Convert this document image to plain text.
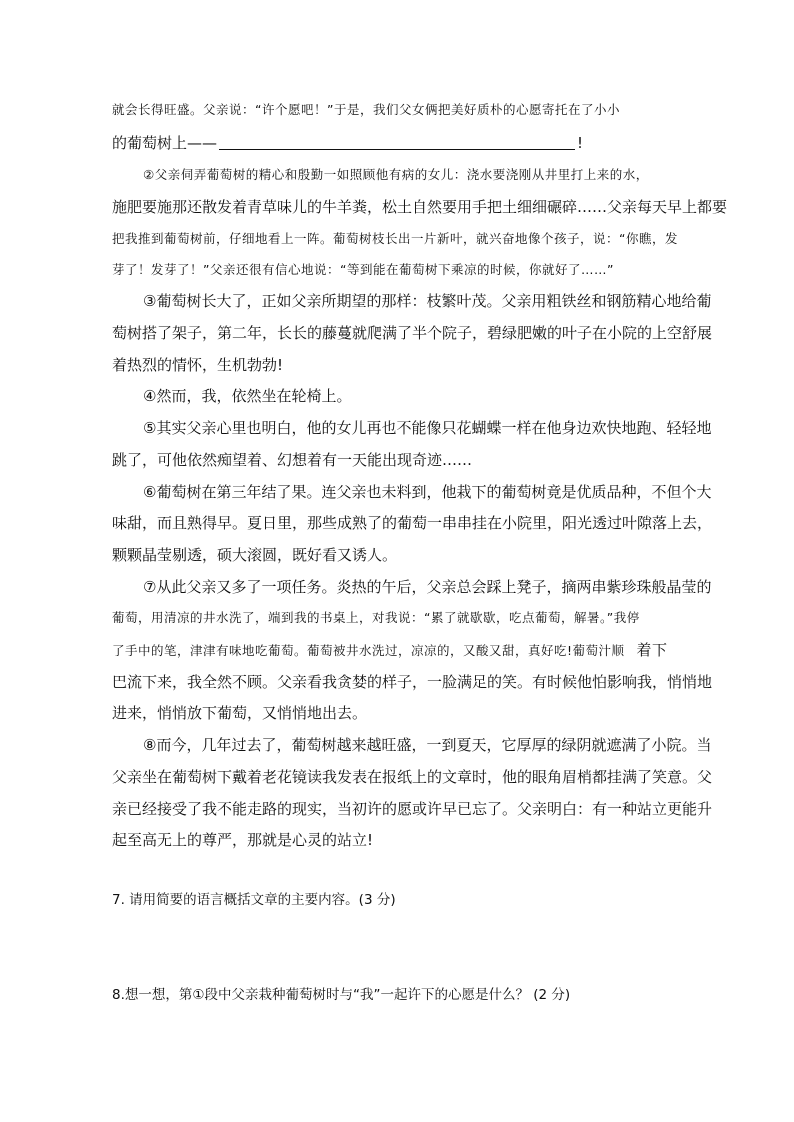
就会长得旺盛。父亲说：“许个愿吧！”于是，我们父女俩把美好质朴的心愿寄托在了小小
的葡萄树上——	!
②父亲伺弄葡萄树的精心和殷勤一如照顾他有病的女儿：浇水要浇刚从井里打上来的水，
施肥要施那还散发着青草味儿的牛羊粪，松土自然要用手把土细细碾碎……父亲每天早上都要
把我推到葡萄树前，仔细地看上一阵。葡萄树枝长出一片新叶，就兴奋地像个孩子，说：“你瞧，发
芽了！发芽了！”父亲还很有信心地说：“等到能在葡萄树下乘凉的时候，你就好了……”
③葡萄树长大了，正如父亲所期望的那样：枝繁叶茂。父亲用粗铁丝和钢筋精心地给葡
萄树搭了架子，第二年，长长的藤蔓就爬满了半个院子，碧绿肥嫩的叶子在小院的上空舒展
着热烈的情怀，生机勃勃!
④然而，我，依然坐在轮椅上。
⑤其实父亲心里也明白，他的女儿再也不能像只花蝴蝶一样在他身边欢快地跑、轻轻地
跳了，可他依然痴望着、幻想着有一天能出现奇迹……
⑥葡萄树在第三年结了果。连父亲也未料到，他栽下的葡萄树竟是优质品种，不但个大
味甜，而且熟得早。夏日里，那些成熟了的葡萄一串串挂在小院里，阳光透过叶隙落上去，
颗颗晶莹剔透，硕大滚圆，既好看又诱人。
⑦从此父亲又多了一项任务。炎热的午后，父亲总会踩上凳子，摘两串紫珍珠般晶莹的
葡萄，用清凉的井水洗了，端到我的书桌上，对我说：“累了就歇歇，吃点葡萄，解暑。”我停
了手中的笔，津津有味地吃葡萄。葡萄被井水洗过，凉凉的，又酸又甜，真好吃!葡萄汁顺 着下
巴流下来，我全然不顾。父亲看我贪婪的样子，一脸满足的笑。有时候他怕影响我，悄悄地
进来，悄悄放下葡萄，又悄悄地出去。
⑧而今，几年过去了，葡萄树越来越旺盛，一到夏天，它厚厚的绿阴就遮满了小院。当
父亲坐在葡萄树下戴着老花镜读我发表在报纸上的文章时，他的眼角眉梢都挂满了笑意。父
亲已经接受了我不能走路的现实，当初许的愿或许早已忘了。父亲明白：有一种站立更能升
起至高无上的尊严，那就是心灵的站立!
7. 请用简要的语言概括文章的主要内容。(3 分)
8.想一想，第①段中父亲栽种葡萄树时与“我”一起许下的心愿是什么？ (2 分)
